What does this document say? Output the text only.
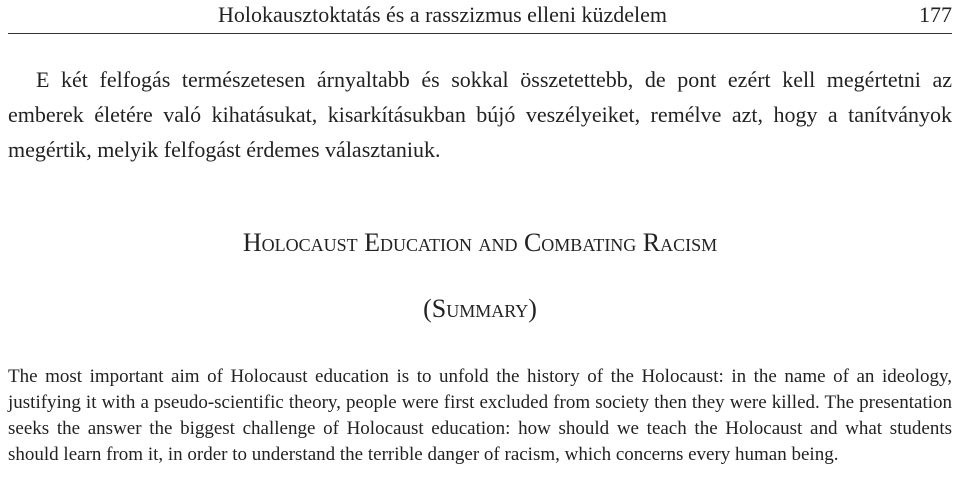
Holokausztoktatás és a rasszizmus elleni küzdelem	177

E két felfogás természetesen árnyaltabb és sokkal összetettebb, de pont ezért kell megértetni az emberek életére való kihatásukat, kisarkításukban bújó veszélyeiket, remélve azt, hogy a tanítványok megértik, melyik felfogást érdemes választaniuk.

Holocaust Education and Combating Racism
(Summary)

The most important aim of Holocaust education is to unfold the history of the Holocaust: in the name of an ideology, justifying it with a pseudo-scientific theory, people were first excluded from society then they were killed. The presentation seeks the answer the biggest challenge of Holocaust education: how should we teach the Holocaust and what students should learn from it, in order to understand the terrible danger of racism, which concerns every human being.
